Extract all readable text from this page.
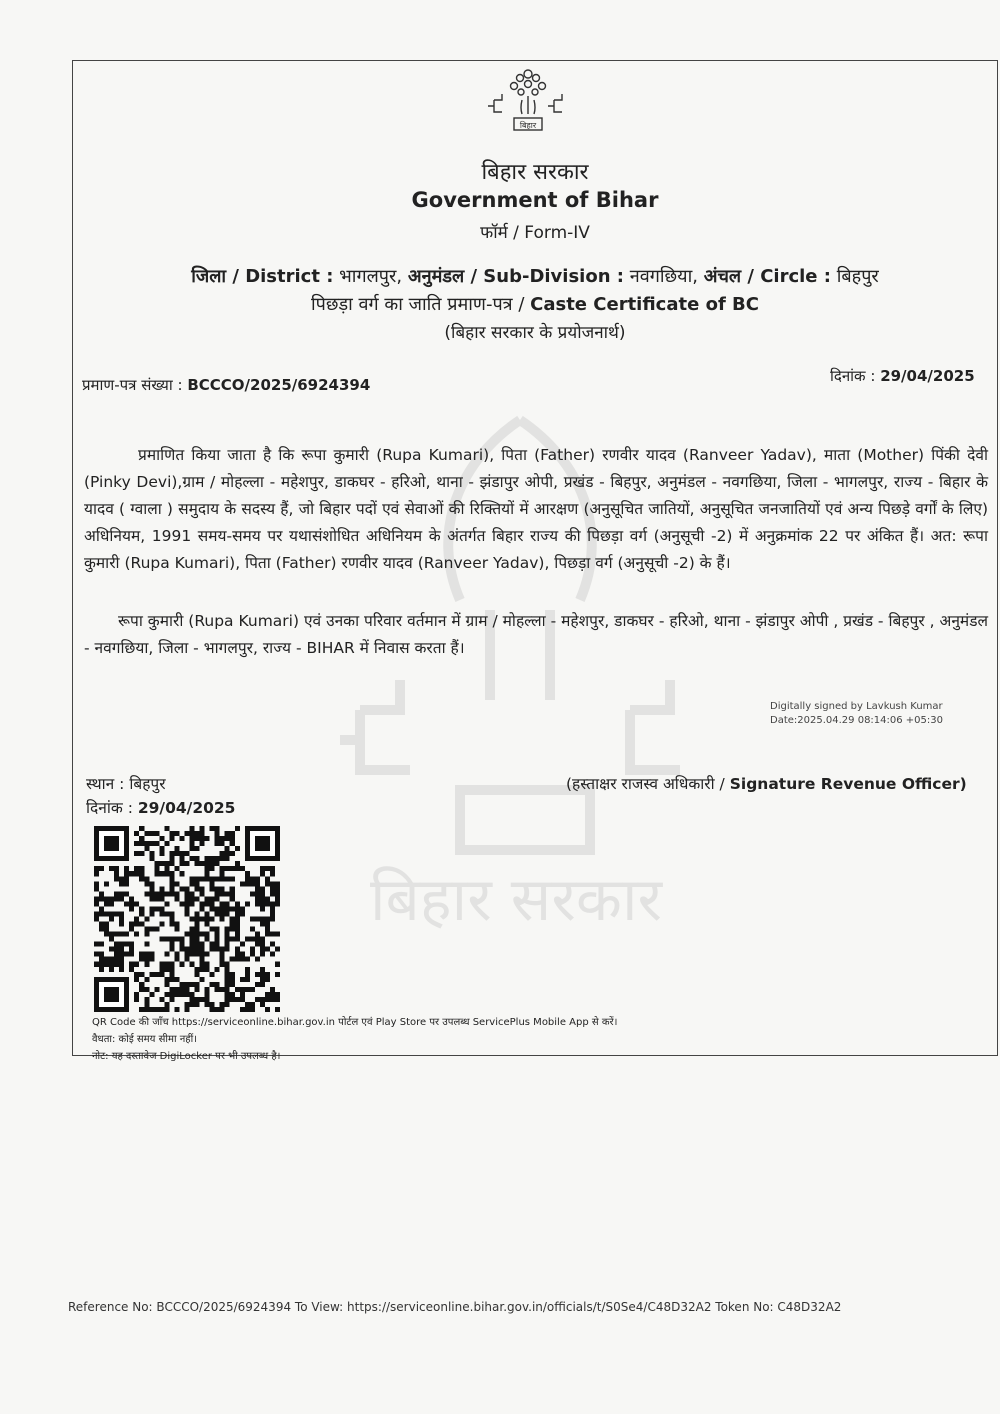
बिहार सरकार
बिहार
बिहार सरकार
Government of Bihar
फॉर्म / Form-IV
जिला / District : भागलपुर, अनुमंडल / Sub-Division : नवगछिया, अंचल / Circle : बिहपुर
पिछड़ा वर्ग का जाति प्रमाण-पत्र / Caste Certificate of BC
(बिहार सरकार के प्रयोजनार्थ)
प्रमाण-पत्र संख्या : BCCCO/2025/6924394	दिनांक : 29/04/2025

प्रमाणित किया जाता है कि रूपा कुमारी (Rupa Kumari), पिता (Father) रणवीर यादव (Ranveer Yadav), माता (Mother) पिंकी देवी (Pinky Devi),ग्राम / मोहल्ला - महेशपुर, डाकघर - हरिओ, थाना - झंडापुर ओपी, प्रखंड - बिहपुर, अनुमंडल - नवगछिया, जिला - भागलपुर, राज्य - बिहार के यादव ( ग्वाला ) समुदाय के सदस्य हैं, जो बिहार पदों एवं सेवाओं की रिक्तियों में आरक्षण (अनुसूचित जातियों, अनुसूचित जनजातियों एवं अन्य पिछड़े वर्गों के लिए) अधिनियम, 1991 समय-समय पर यथासंशोधित अधिनियम के अंतर्गत बिहार राज्य की पिछड़ा वर्ग (अनुसूची -2) में अनुक्रमांक 22 पर अंकित हैं। अत: रूपा कुमारी (Rupa Kumari), पिता (Father) रणवीर यादव (Ranveer Yadav), पिछड़ा वर्ग (अनुसूची -2) के हैं।

रूपा कुमारी (Rupa Kumari) एवं उनका परिवार वर्तमान में ग्राम / मोहल्ला - महेशपुर, डाकघर - हरिओ, थाना - झंडापुर ओपी , प्रखंड - बिहपुर , अनुमंडल - नवगछिया, जिला - भागलपुर, राज्य - BIHAR में निवास करता हैं।

Digitally signed by Lavkush Kumar
Date:2025.04.29 08:14:06 +05:30
स्थान : बिहपुर
दिनांक : 29/04/2025
(हस्ताक्षर राजस्व अधिकारी / Signature Revenue Officer)
QR Code की जाँच https://serviceonline.bihar.gov.in पोर्टल एवं Play Store पर उपलब्ध ServicePlus Mobile App से करें।
वैधता: कोई समय सीमा नहीं।
नोट: यह दस्तावेज DigiLocker पर भी उपलब्ध है।
Reference No: BCCCO/2025/6924394 To View: https://serviceonline.bihar.gov.in/officials/t/S0Se4/C48D32A2 Token No: C48D32A2
